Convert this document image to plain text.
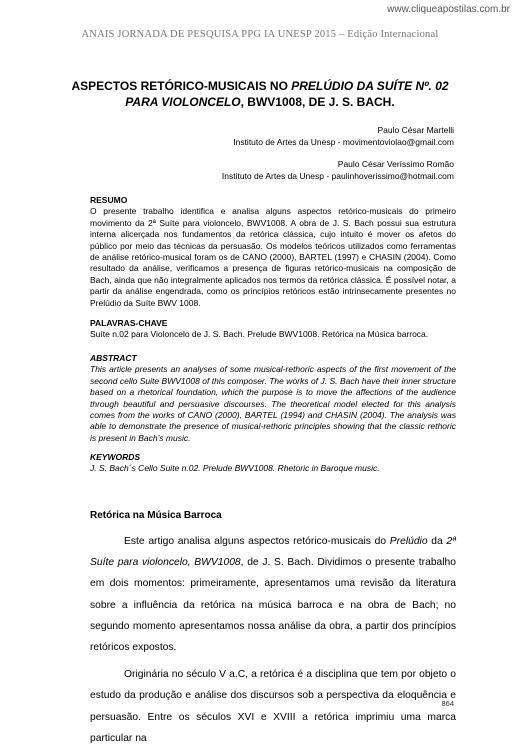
www.cliqueapostilas.com.br
ANAIS JORNADA DE PESQUISA PPG IA UNESP 2015 – Edição Internacional
ASPECTOS RETÓRICO-MUSICAIS NO PRELÚDIO DA SUÍTE Nº. 02 PARA VIOLONCELO, BWV1008, DE J. S. BACH.
Paulo César Martelli
Instituto de Artes da Unesp - movimentoviolao@gmail.com
Paulo César Veríssimo Romão
Instituto de Artes da Unesp - paulinhoverissimo@hotmail.com
RESUMO
O presente trabalho identifica e analisa alguns aspectos retórico-musicais do primeiro movimento da 2ª Suíte para violoncelo, BWV1008. A obra de J. S. Bach possui sua estrutura interna alicerçada nos fundamentos da retórica clássica, cujo intuito é mover os afetos do público por meio das técnicas da persuasão. Os modelos teóricos utilizados como ferramentas de análise retórico-musical foram os de CANO (2000), BARTEL (1997) e CHASIN (2004). Como resultado da análise, verificamos a presença de figuras retórico-musicais na composição de Bach, ainda que não integralmente aplicados nos termos da retórica clássica. É possível notar, a partir da análise engendrada, como os princípios retóricos estão intrinsecamente presentes no Prelúdio da Suíte BWV 1008.
PALAVRAS-CHAVE
Suíte n.02 para Violoncelo de J. S. Bach. Prelude BWV1008. Retórica na Música barroca.
ABSTRACT
This article presents an analyses of some musical-rethoric aspects of the first movement of the second cello Suite BWV1008 of this composer. The works of J. S. Bach have their inner structure based on a rhetorical foundation, which the purpose is to move the affections of the audience through beautiful and persuasive discourses. The theoretical model elected for this analysis comes from the works of CANO (2000), BARTEL (1994) and CHASIN (2004). The analysis was able to demonstrate the presence of musical-rethoric principles showing that the classic rethoric is present in Bach’s music.
KEYWORDS
J. S. Bach´s Cello Suite n.02. Prelude BWV1008. Rhetoric in Baroque music.
Retórica na Música Barroca

Este artigo analisa alguns aspectos retórico-musicais do Prelúdio da 2ª Suíte para violoncelo, BWV1008, de J. S. Bach. Dividimos o presente trabalho em dois momentos: primeiramente, apresentamos uma revisão da literatura sobre a influência da retórica na música barroca e na obra de Bach; no segundo momento apresentamos nossa análise da obra, a partir dos princípios retóricos expostos.

Originária no século V a.C, a retórica é a disciplina que tem por objeto o estudo da produção e análise dos discursos sob a perspectiva da eloquência e persuasão. Entre os séculos XVI e XVIII a retórica imprimiu uma marca particular na

864
